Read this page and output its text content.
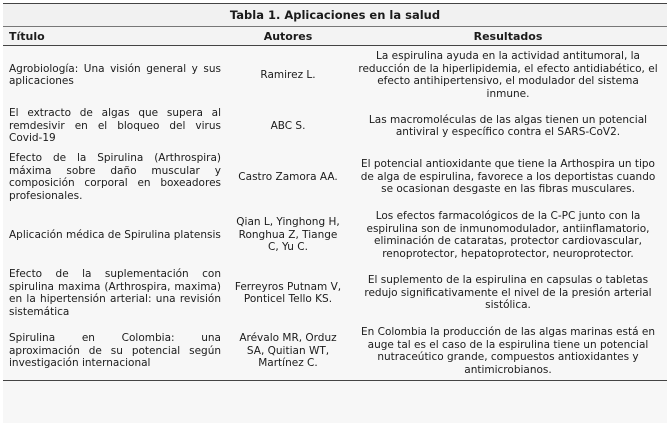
Tabla 1. Aplicaciones en la salud
Título	Autores	Resultados
Agrobiología: Una visión general y sus aplicaciones	Ramirez L.	La espirulina ayuda en la actividad antitumoral, la reducción de la hiperlipidemia, el efecto antidiabético, el efecto antihipertensivo, el modulador del sistema inmune.
El extracto de algas que supera al remdesivir en el bloqueo del virus Covid-19	ABC S.	Las macromoléculas de las algas tienen un potencial antiviral y específico contra el SARS-CoV2.
Efecto de la Spirulina (Arthrospira) máxima sobre daño muscular y composición corporal en boxeadores profesionales.	Castro Zamora AA.	El potencial antioxidante que tiene la Arthospira un tipo de alga de espirulina, favorece a los deportistas cuando se ocasionan desgaste en las fibras musculares.
Aplicación médica de Spirulina platensis	Qian L, Yinghong H, Ronghua Z, Tiange C, Yu C.	Los efectos farmacológicos de la C-PC junto con la espirulina son de inmunomodulador, antiinflamatorio, eliminación de cataratas, protector cardiovascular, renoprotector, hepatoprotector, neuroprotector.
Efecto de la suplementación con spirulina maxima (Arthrospira, maxima) en la hipertensión arterial: una revisión sistemática	Ferreyros Putnam V, Ponticel Tello KS.	El suplemento de la espirulina en capsulas o tabletas redujo significativamente el nivel de la presión arterial sistólica.
Spirulina en Colombia: una aproximación de su potencial según investigación internacional	Arévalo MR, Orduz SA, Quitian WT, Martínez C.	En Colombia la producción de las algas marinas está en auge tal es el caso de la espirulina tiene un potencial nutraceútico grande, compuestos antioxidantes y antimicrobianos.
